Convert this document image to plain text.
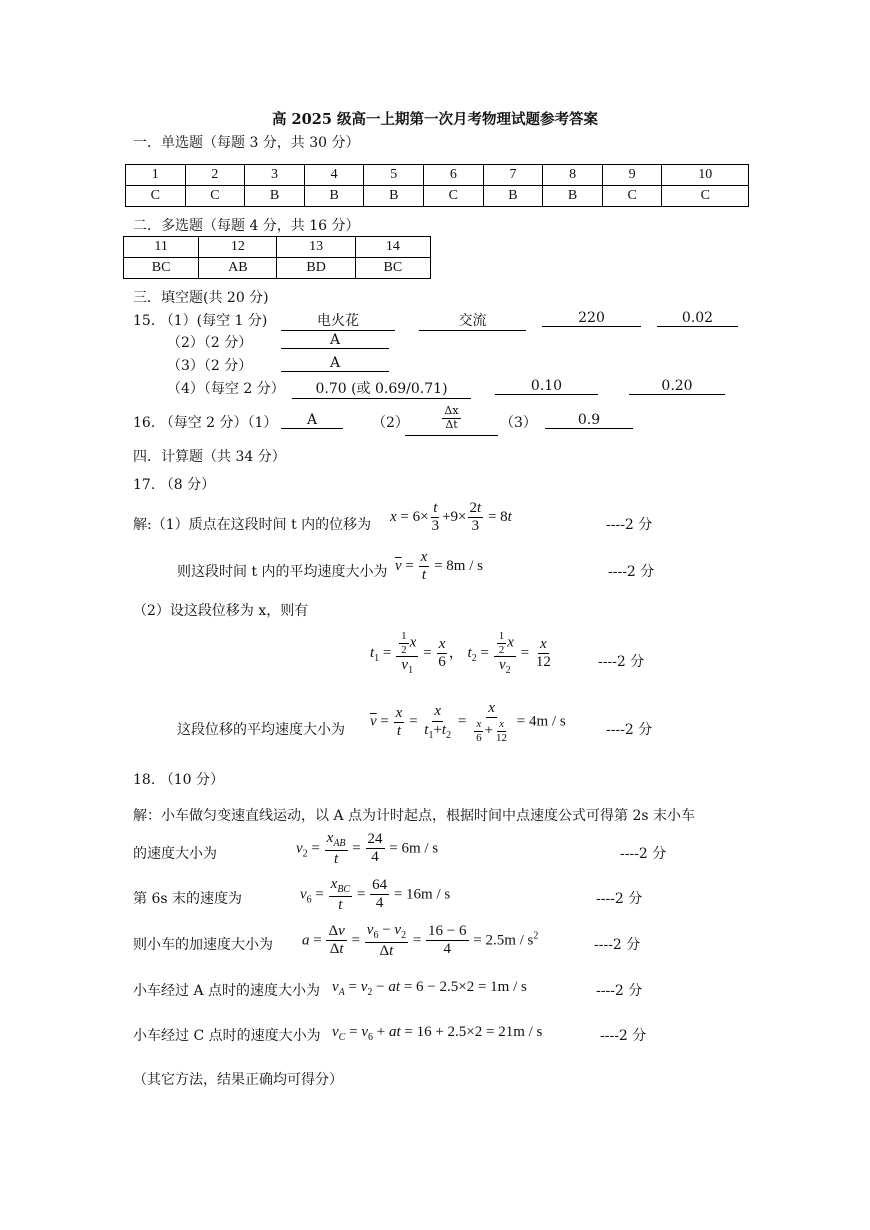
高 2025 级高一上期第一次月考物理试题参考答案
一．单选题（每题 3 分，共 30 分）
1	2	3	4	5	6	7	8	9	10
C	C	B	B	B	C	B	B	C	C
二．多选题（每题 4 分，共 16 分）
11	12	13	14
BC	AB	BD	BC
三．填空题(共 20 分)
15. （1）(每空 1 分)	电火花	交流	220	0.02
（2）（2 分）	A
（3）（2 分）	A
（4）（每空 2 分）	0.70 (或 0.69/0.71)	0.10	0.20
16. （每空 2 分）（1）	A	（2）	$\frac{\Delta x}{\Delta t}$	（3）	0.9
四．计算题（共 34 分）
17. （8 分）
解:（1）质点在这段时间 t 内的位移为 $x = 6\times \frac{t}{3} +9\times \frac{2t}{3} = 8t$	----2 分
则这段时间 t 内的平均速度大小为 $\overline{v} = \frac{x}{t} = 8m / s$	----2 分
（2）设这段位移为 x，则有
$t_1 = \frac{\frac{1}{2} x}{v_1} = \frac{x}{6}$ ， $t_2 = \frac{\frac{1}{2} x}{v_2} = \frac{x}{12}$	----2 分
这段位移的平均速度大小为
$\overline{v} = \frac{x}{t} = \frac{x}{t_1+t_2} = \frac{x}{\frac{x}{6} + \frac{x}{12}} = 4m / s$
----2 分
18. （10 分）
解：小车做匀变速直线运动，以 A 点为计时起点，根据时间中点速度公式可得第 2s 末小车
的速度大小为	$v_2 = \frac{x_{AB}}{t} = \frac{24}{4} = 6m / s$	----2 分
第 6s 末的速度为	$v_6 = \frac{x_{BC}}{t} = \frac{64}{4} = 16m / s$	----2 分
则小车的加速度大小为 $a = \frac{\Delta v}{\Delta t} = \frac{v_6 - v_2}{\Delta t} = \frac{16 - 6}{4} = 2.5m / s^2$
----2 分
小车经过 A 点时的速度大小为 $v_A = v_2$ − at = 6 − 2.5×2 = 1m / s	----2 分
小车经过 C 点时的速度大小为 $v_C = v_6$ + at = 16 + 2.5×2 = 21m / s	----2 分
（其它方法，结果正确均可得分）
